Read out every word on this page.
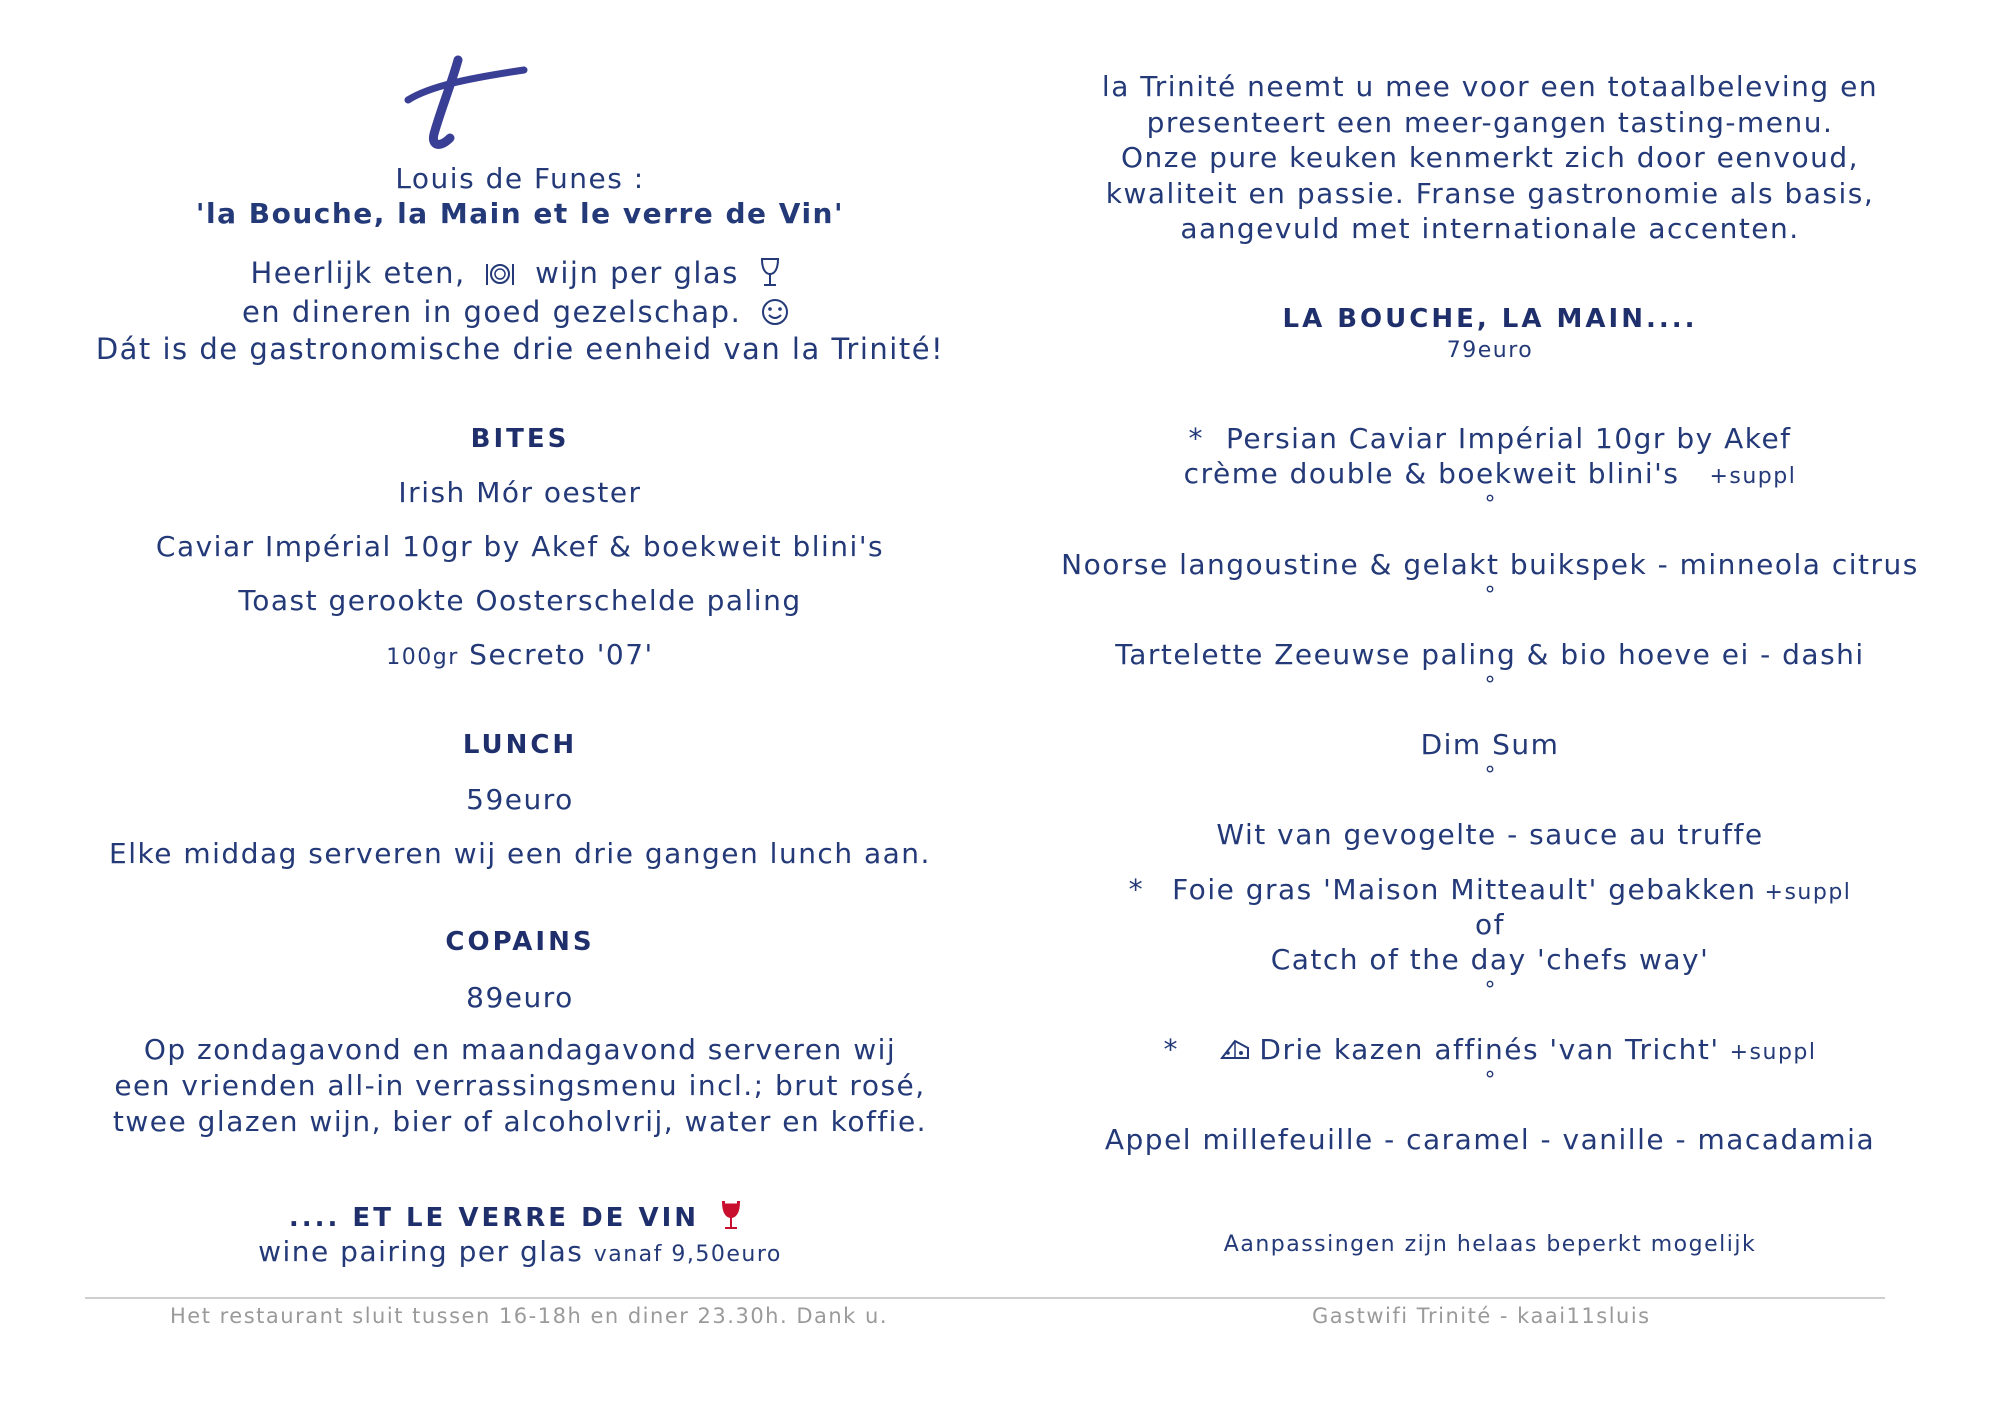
Louis de Funes :
'la Bouche, la Main et le verre de Vin'
Heerlijk eten, wijn per glas
en dineren in goed gezelschap.
Dát is de gastronomische drie eenheid van la Trinité!
BITES
Irish Mór oester
Caviar Impérial 10gr by Akef & boekweit blini's
Toast gerookte Oosterschelde paling
100gr Secreto '07'
LUNCH
59euro
Elke middag serveren wij een drie gangen lunch aan.
COPAINS
89euro
Op zondagavond en maandagavond serveren wij
een vrienden all-in verrassingsmenu incl.; brut rosé,
twee glazen wijn, bier of alcoholvrij, water en koffie.
.... ET LE VERRE DE VIN
wine pairing per glas vanaf 9,50euro
la Trinité neemt u mee voor een totaalbeleving en
presenteert een meer-gangen tasting-menu.
Onze pure keuken kenmerkt zich door eenvoud,
kwaliteit en passie. Franse gastronomie als basis,
aangevuld met internationale accenten.
LA BOUCHE, LA MAIN....
79euro
* Persian Caviar Impérial 10gr by Akef
crème double & boekweit blini's +suppl
°
Noorse langoustine & gelakt buikspek - minneola citrus
°
Tartelette Zeeuwse paling & bio hoeve ei - dashi
°
Dim Sum
°
Wit van gevogelte - sauce au truffe
* Foie gras 'Maison Mitteault' gebakken +suppl
of
Catch of the day 'chefs way'
°
*	Drie kazen affinés 'van Tricht' +suppl
°
Appel millefeuille - caramel - vanille - macadamia
Aanpassingen zijn helaas beperkt mogelijk
Het restaurant sluit tussen 16-18h en diner 23.30h. Dank u.	Gastwifi Trinité - kaai11sluis
